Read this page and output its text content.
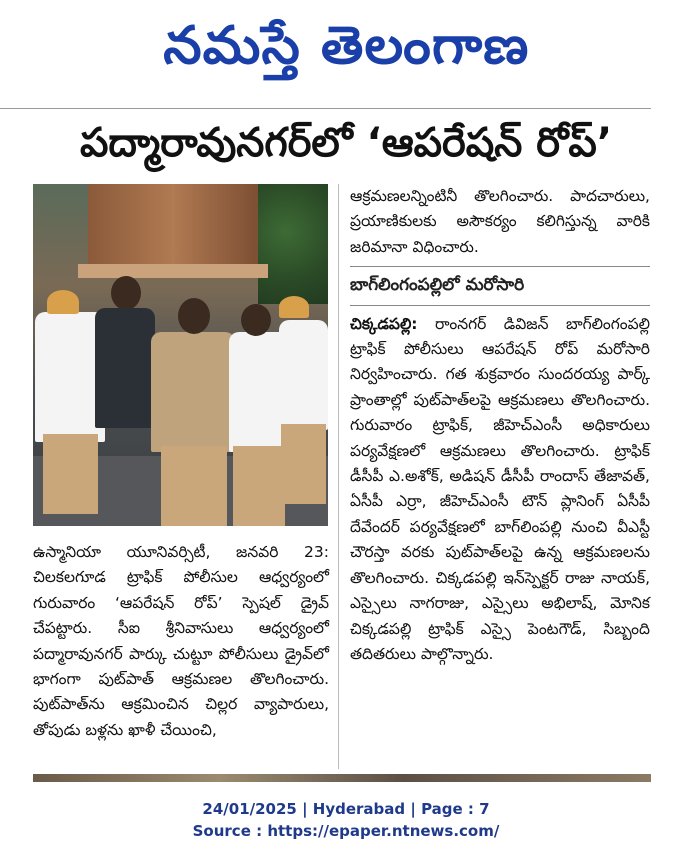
నమస్తే తెలంగాణ
పద్మారావునగర్‌లో ‘ఆపరేషన్ రోప్’

ఉస్మానియా యూనివర్సిటీ, జనవరి 23: చిలకలగూడ ట్రాఫిక్ పోలీసుల ఆధ్వర్యంలో గురువారం ‘ఆపరేషన్ రోప్’ స్పెషల్ డ్రైవ్ చేపట్టారు. సీఐ శ్రీనివాసులు ఆధ్వర్యంలో పద్మారావునగర్ పార్కు చుట్టూ పోలీసులు డ్రైవ్‌లో భాగంగా పుట్‌పాత్ ఆక్రమణల తొలగించారు. పుట్‌పాత్‌ను ఆక్రమించిన చిల్లర వ్యాపారులు, తోపుడు బళ్లను ఖాళీ చేయించి,

ఆక్రమణలన్నింటినీ తొలగించారు. పాదచారులు, ప్రయాణికులకు అసౌకర్యం కలిగిస్తున్న వారికి జరిమానా విధించారు.

బాగ్‌లింగంపల్లిలో మరోసారి

చిక్కడపల్లి: రాంనగర్ డివిజన్ బాగ్‌లింగంపల్లి ట్రాఫిక్ పోలీసులు ఆపరేషన్ రోప్ మరోసారి నిర్వహించారు. గత శుక్రవారం సుందరయ్య పార్క్ ప్రాంతాల్లో పుట్‌పాత్‌లపై ఆక్రమణలు తొలగించారు. గురువారం ట్రాఫిక్, జీహెచ్‌ఎంసీ అధికారులు పర్యవేక్షణలో ఆక్రమణలు తొలగించారు. ట్రాఫిక్ డీసీపీ ఎ.అశోక్, అడిషన్ డీసీపీ రాందాస్ తేజావత్, ఏసీపీ ఎర్రా, జీహెచ్‌ఎంసీ టౌన్ ప్లానింగ్ ఏసీపీ దేవేందర్ పర్యవేక్షణలో బాగ్‌లింపల్లి నుంచి వీఎస్టీ చౌరస్తా వరకు పుట్‌పాత్‌లపై ఉన్న ఆక్రమణలను తొలగించారు. చిక్కడపల్లి ఇన్‌స్పెక్టర్ రాజు నాయక్, ఎస్సైలు నాగరాజు, ఎస్సైలు అభిలాష్, మోనిక చిక్కడపల్లి ట్రాఫిక్ ఎస్సై పెంటగౌడ్, సిబ్బంది తదితరులు పాల్గొన్నారు.

24/01/2025 | Hyderabad | Page : 7
Source : https://epaper.ntnews.com/
